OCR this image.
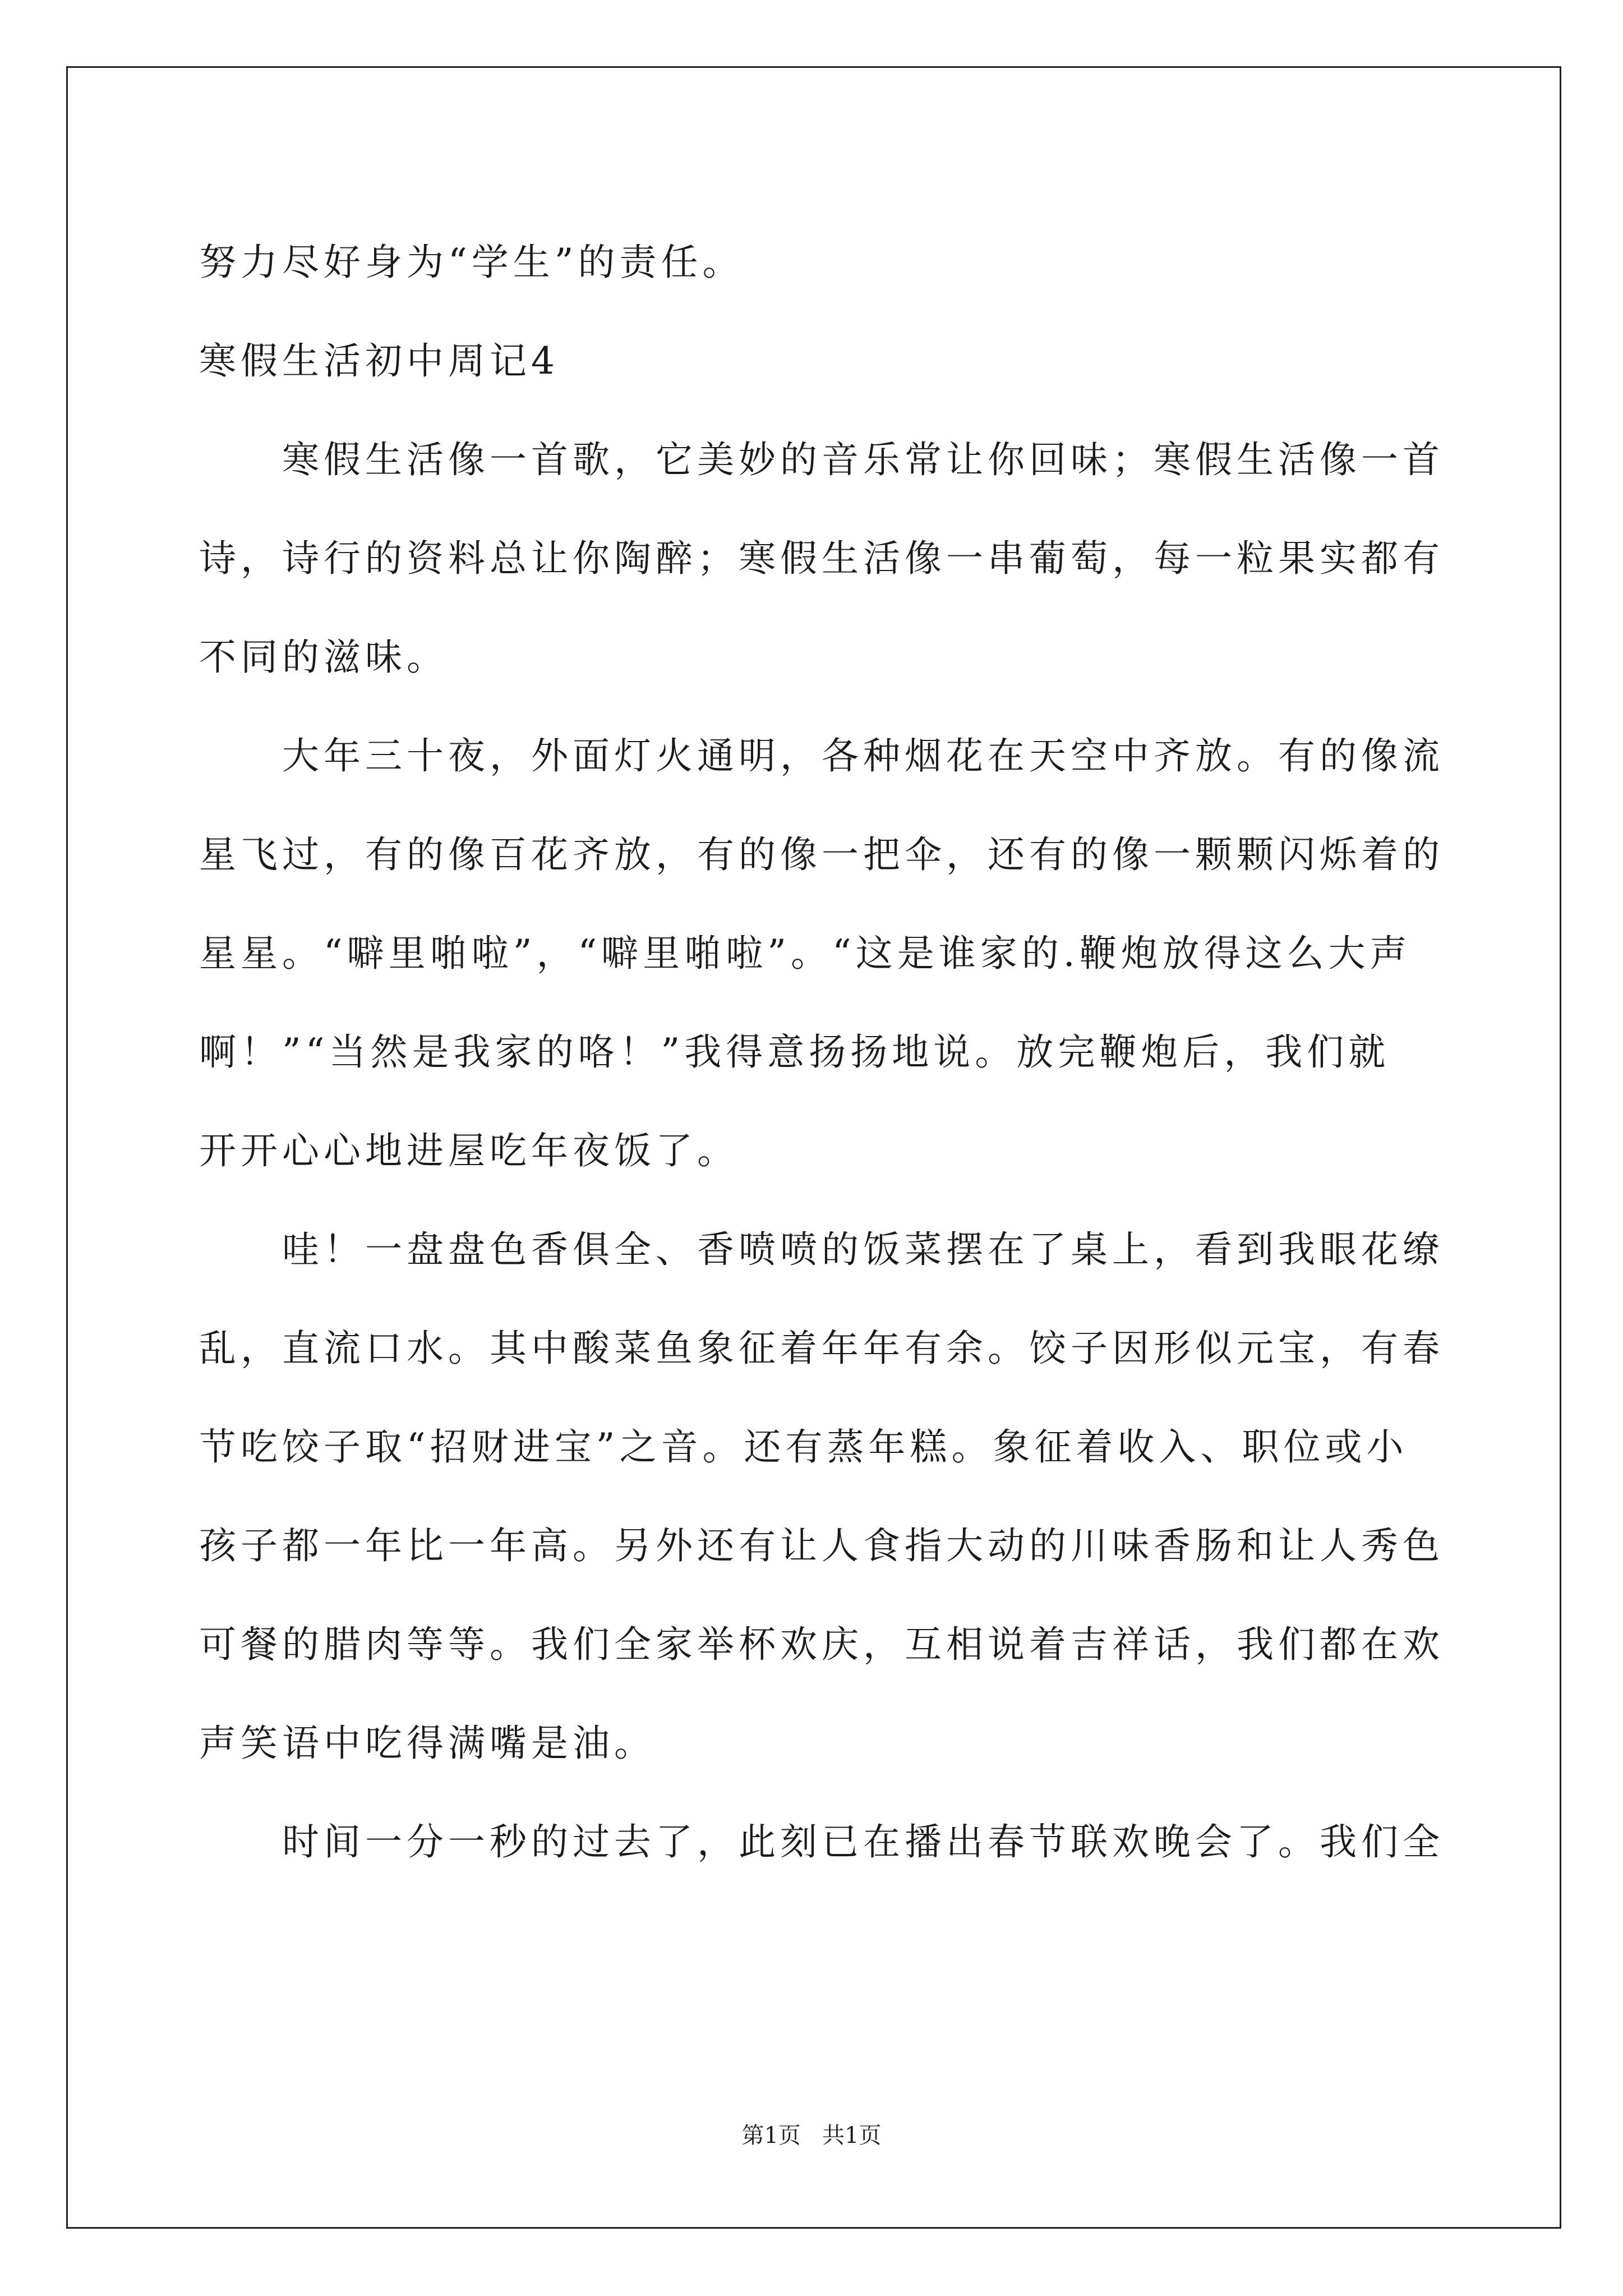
努力尽好身为“学生”的责任。
寒假生活初中周记4
寒假生活像一首歌，它美妙的音乐常让你回味；寒假生活像一首
诗，诗行的资料总让你陶醉；寒假生活像一串葡萄，每一粒果实都有
不同的滋味。
大年三十夜，外面灯火通明，各种烟花在天空中齐放。有的像流
星飞过，有的像百花齐放，有的像一把伞，还有的像一颗颗闪烁着的
星星。“噼里啪啦”，“噼里啪啦”。“这是谁家的.鞭炮放得这么大声
啊！”“当然是我家的咯！”我得意扬扬地说。放完鞭炮后，我们就
开开心心地进屋吃年夜饭了。
哇！一盘盘色香俱全、香喷喷的饭菜摆在了桌上，看到我眼花缭
乱，直流口水。其中酸菜鱼象征着年年有余。饺子因形似元宝，有春
节吃饺子取“招财进宝”之音。还有蒸年糕。象征着收入、职位或小
孩子都一年比一年高。另外还有让人食指大动的川味香肠和让人秀色
可餐的腊肉等等。我们全家举杯欢庆，互相说着吉祥话，我们都在欢
声笑语中吃得满嘴是油。
时间一分一秒的过去了，此刻已在播出春节联欢晚会了。我们全
第1页   共1页
